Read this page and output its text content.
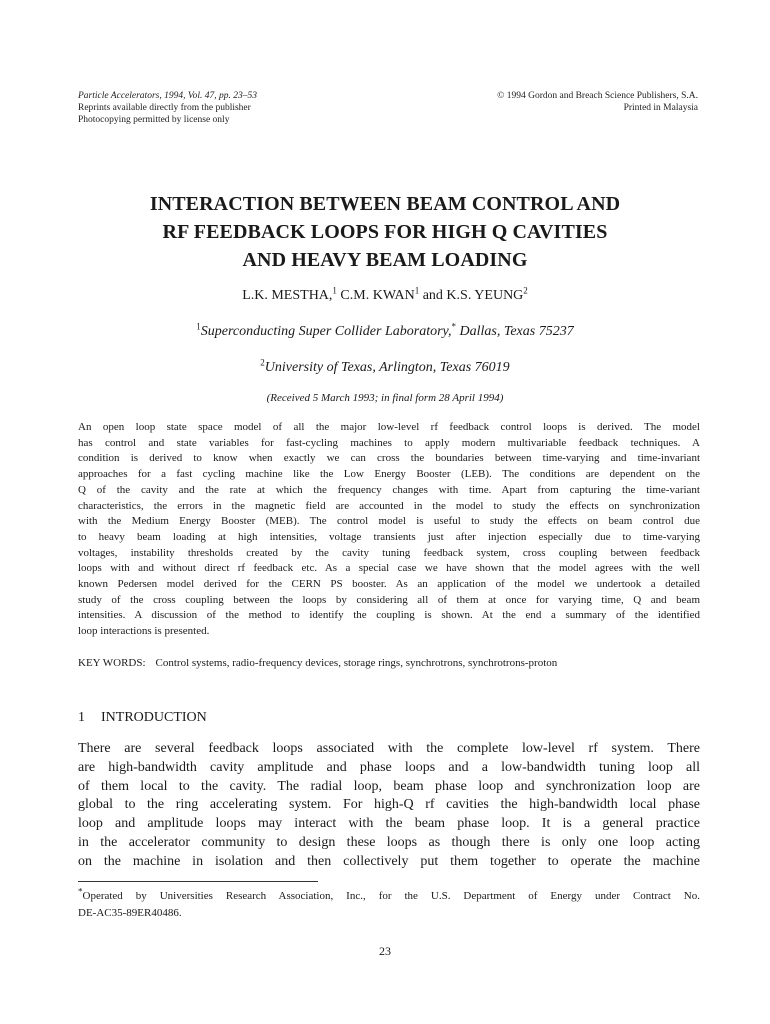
Particle Accelerators, 1994, Vol. 47, pp. 23–53
Reprints available directly from the publisher
Photocopying permitted by license only
© 1994 Gordon and Breach Science Publishers, S.A.
Printed in Malaysia
INTERACTION BETWEEN BEAM CONTROL AND
RF FEEDBACK LOOPS FOR HIGH Q CAVITIES
AND HEAVY BEAM LOADING
L.K. MESTHA,$^1$ C.M. KWAN$^1$ and K.S. YEUNG$^2$
$^1$Superconducting Super Collider Laboratory,* Dallas, Texas 75237
$^2$University of Texas, Arlington, Texas 76019
(Received 5 March 1993; in final form 28 April 1994)
An open loop state space model of all the major low-level rf feedback control loops is derived. The model
has control and state variables for fast-cycling machines to apply modern multivariable feedback techniques. A
condition is derived to know when exactly we can cross the boundaries between time-varying and time-invariant
approaches for a fast cycling machine like the Low Energy Booster (LEB). The conditions are dependent on the
Q of the cavity and the rate at which the frequency changes with time. Apart from capturing the time-variant
characteristics, the errors in the magnetic field are accounted in the model to study the effects on synchronization
with the Medium Energy Booster (MEB). The control model is useful to study the effects on beam control due
to heavy beam loading at high intensities, voltage transients just after injection especially due to time-varying
voltages, instability thresholds created by the cavity tuning feedback system, cross coupling between feedback
loops with and without direct rf feedback etc. As a special case we have shown that the model agrees with the well
known Pedersen model derived for the CERN PS booster. As an application of the model we undertook a detailed
study of the cross coupling between the loops by considering all of them at once for varying time, Q and beam
intensities. A discussion of the method to identify the coupling is shown. At the end a summary of the identified
loop interactions is presented.
KEY WORDS: Control systems, radio-frequency devices, storage rings, synchrotrons, synchrotrons-proton
1 INTRODUCTION
There are several feedback loops associated with the complete low-level rf system. There
are high-bandwidth cavity amplitude and phase loops and a low-bandwidth tuning loop all
of them local to the cavity. The radial loop, beam phase loop and synchronization loop are
global to the ring accelerating system. For high-Q rf cavities the high-bandwidth local phase
loop and amplitude loops may interact with the beam phase loop. It is a general practice
in the accelerator community to design these loops as though there is only one loop acting
on the machine in isolation and then collectively put them together to operate the machine
*Operated by Universities Research Association, Inc., for the U.S. Department of Energy under Contract No.
DE-AC35-89ER40486.
23
